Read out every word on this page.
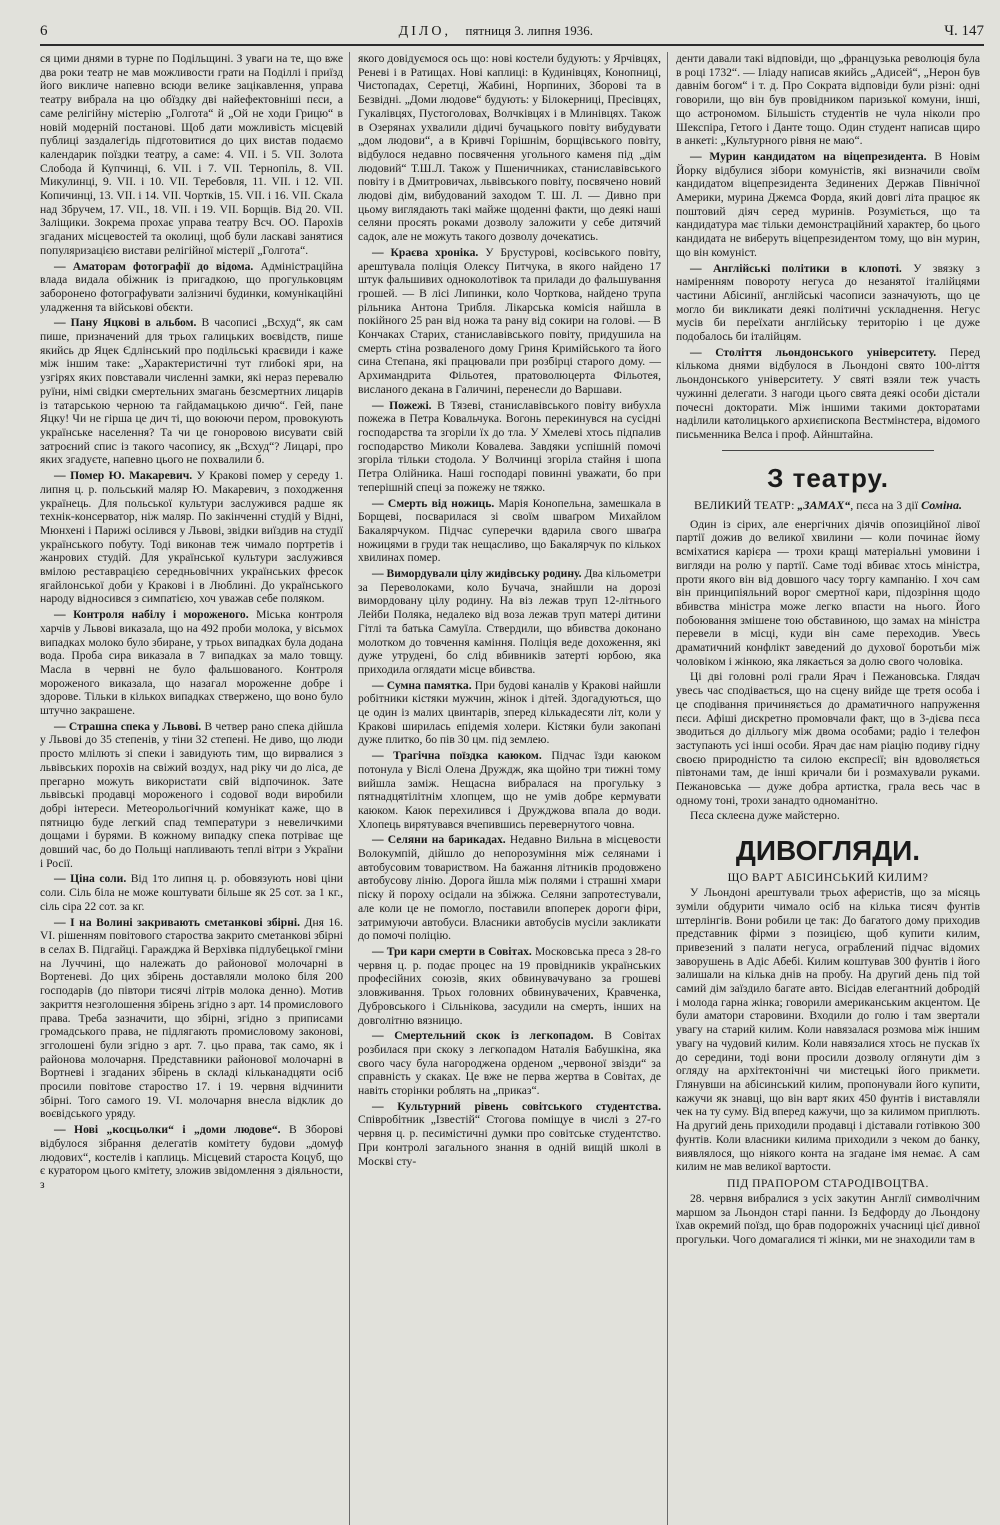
6	ДІЛО, пятниця 3. липня 1936.	Ч. 147

ся цими днями в турне по Подільщині. З уваги на те, що вже два роки театр не мав можливости грати на Поділлі і приїзд його викличе напевно всюди велике зацікавлення, управа театру вибрала на цю обїздку дві найефектовніші пєси, а саме релігійну містерію „Голгота“ й „Ой не ходи Грицю“ в новій модерній постанові. Щоб дати можливість місцевій публиці заздалегідь підготовитися до цих вистав подаємо календарик поїздки театру, а саме: 4. VII. і 5. VII. Золота Слобода й Купчинці, 6. VII. і 7. VII. Тернопіль, 8. VII. Микулинці, 9. VII. і 10. VII. Теребовля, 11. VII. і 12. VII. Копичинці, 13. VII. і 14. VII. Чортків, 15. VII. і 16. VII. Скала над Збручем, 17. VII., 18. VII. і 19. VII. Борщів. Від 20. VII. Заліщики. Зокрема прохає управа театру Всч. ОО. Парохів згаданих місцевостей та околиці, щоб були ласкаві занятися популяризацією вистави релігійної містерії „Голгота“.

— Аматорам фотографії до відома. Адміністраційна влада видала обіжник із пригадкою, що прогульковцям заборонено фотографувати залізничі будинки, комунікаційні уладження та військові обєкти.

— Пану Яцкові в альбом. В часописі „Всхуд“, як сам пише, призначений для трьох галицьких воєвідств, пише якийсь др Яцек Єдлінський про подільські краєвиди і каже між іншим таке: „Характеристичні тут глибокі яри, на узгірях яких повставали численні замки, які нераз перевалю руїни, німі свідки смертельних змагань безсмертних лицарів із татарською черною та гайдамацькою дичю“. Гей, пане Яцку! Чи не гірша це дич ті, що воюючи пером, провокують українське населення? Та чи це гоноровою висувати свій затроєний спис із такого часопису, як „Всхуд“? Лицарі, про яких згадуєте, напевно цього не похвалили б.

— Помер Ю. Макаревич. У Кракові помер у середу 1. липня ц. р. польський маляр Ю. Макаревич, з походження українець. Для польської культури заслужився радше як технік-консерватор, ніж маляр. По закінченні студій у Відні, Мюнхені і Парижі осілився у Львові, звідки виїздив на студії українського побуту. Тоді виконав теж чимало портретів і жанрових студій. Для української культури заслужився вмілою реставрацією середньовічних українських фресок ягайлонської доби у Кракові і в Люблині. До українського народу відносився з симпатією, хоч уважав себе поляком.

— Контроля набілу і мороженого. Міська контроля харчів у Львові виказала, що на 492 проби молока, у вісьмох випадках молоко було збиране, у трьох випадках була додана вода. Проба сира виказала в 7 випадках за мало товщу. Масла в червні не було фальшованого. Контроля мороженого виказала, що назагал мороженне добре і здорове. Тільки в кількох випадках ствержено, що воно було штучно закрашене.

— Страшна спека у Львові. В четвер рано спека дійшла у Львові до 35 степенів, у тіни 32 степені. Не диво, що люди просто млілють зі спеки і завидують тим, що вирвалися з львівських порохів на свіжий воздух, над ріку чи до ліса, де прегарно можуть використати свій відпочинок. Зате львівські продавці мороженого і содової води виробили добрі інтереси. Метеорольогічний комунікат каже, що в пятницю буде легкий спад температури з невеличкими дощами і бурями. В кожному випадку спека потріває ще довший час, бо до Польщі напливають теплі вітри з України і Росії.

— Ціна соли. Від 1то липня ц. р. обовязують нові ціни соли. Сіль біла не може коштувати більше як 25 сот. за 1 кг., сіль сіра 22 сот. за кг.

— І на Волині закривають сметанкові збірні. Дня 16. VI. рішенням повітового староства закрито сметанкові збірні в селах В. Підгайці. Гаражджа й Верхівка підлубецької гміни на Луччині, що належать до районової молочарні в Вортеневі. До цих збірень доставляли молоко біля 200 господарів (до півтори тисячі літрів молока денно). Мотив закриття незголошення збірень згідно з арт. 14 промислового права. Треба зазначити, що збірні, згідно з приписами громадського права, не підлягають промисловому законові, згголошені були згідно з арт. 7. цьо права, так само, як і районова молочарня. Представники районової молочарні в Вортневі і згаданих збірень в складі кільканадцяти осіб просили повітове староство 17. і 19. червня відчинити збірні. Того самого 19. VI. молочарня внесла відклик до воєвідського уряду.

— Нові „косцьолки“ і „доми людове“. В Зборові відбулося зібрання делегатів комітету будови „домуф людових“, костелів і каплиць. Місцевий староста Коцуб, що є куратором цього кмітету, зложив звідомлення з діяльности, з

якого довідуємося ось що: нові костели будують: у Ярчівцях, Реневі і в Ратищах. Нові каплиці: в Кудинівцях, Конопниці, Чистопадах, Серетці, Жабині, Норпиних, Зборові та в Безвідні. „Доми людове“ будують: у Білокерниці, Пресівцях, Гукалівцях, Пустоголовах, Волчківцях і в Млинівцях. Також в Озерянах ухвалили дідичі бучацького повіту вибудувати „дом людови“, а в Кривчі Горішнім, борщівського повіту, відбулося недавно посвячення угольного каменя під „дім людовий“ Т.Ш.Л. Також у Пшеничниках, станиславівського повіту і в Дмитровичах, львівського повіту, посвячено новий людові дім, вибудований заходом Т. Ш. Л. — Дивно при цьому виглядають такі майже щоденні факти, що деякі наші селяни просять роками дозволу заложити у себе дитячий садок, але не можуть такого дозволу дочекатись.

— Краєва хроніка. У Брустурові, косівського повіту, арештувала поліція Олексу Питчука, в якого найдено 17 штук фальшивих одноколотівок та прилади до фальшування грошей. — В лісі Липинки, коло Чорткова, найдено трупа рільника Антона Трибля. Лікарська комісія найшла в покійного 25 ран від ножа та рану від сокири на голові. — В Кончаках Старих, станиславівського повіту, придушила на смерть стіна розваленого дому Гриня Кримійського та його сина Степана, які працювали при розбірці старого дому. — Архимандрита Фільотея, пратоволюцерта Фільотея, висланого деканa в Галичині, перенесли до Варшави.

— Пожежі. В Тязеві, станиславівського повіту вибухла пожежа в Петра Ковальчука. Вогонь перекинувся на сусідні господарства та згоріли їх до тла. У Хмелеві хтось підпалив господарство Миколи Ковалева. Завдяки успішній помочі згоріла тільки стодола. У Волчинці згоріла стайня і шопа Петра Олійника. Наші господарі повинні уважати, бо при теперішній спеці за пожежу не тяжко.

— Смерть від ножиць. Марія Конопельна, замешкала в Борщеві, посварилася зі своїм шваґром Михайлом Бакалярчуком. Підчас суперечки вдарила свого шваґра ножицями в груди так нещасливо, що Бакалярчук по кількох хвилинах помер.

— Вимордували цілу жидівську родину. Два кільометри за Переволоками, коло Бучача, знайшли на дорозі вимордовану цілу родину. На віз лежав труп 12-літнього Лейби Поляка, недалеко від воза лежав труп матері дитини Гітлі та батька Самуїла. Ствердили, що вбивства доконано молотком до товчення каміння. Поліція веде дохоження, які дуже утрудені, бо слід вбивників затерті юрбою, яка приходила оглядати місце вбивства.

— Сумна памятка. При будові каналів у Кракові найшли робітники кістяки мужчин, жінок і дітей. Здогадуються, що це один із малих цвинтарів, зперед кількадесяти літ, коли у Кракові ширилась епідемія холери. Кістяки були закопані дуже плитко, бо пів 30 цм. під землею.

— Трагічна поїздка каюком. Підчас їзди каюком потонула у Віслі Олена Друждж, яка щойно три тижні тому вийшла заміж. Нещасна вибралася на прогульку з пятнадцятілітнім хлопцем, що не умів добре кермувати каюком. Каюк перехилився і Дружджова впала до води. Хлопець вирятувався вчепившись перевернутого човна.

— Селяни на барикадах. Недавно Вильна в місцевости Волокумпій, дійшло до непорозуміння між селянами і автобусовим товариством. На бажання літників продовжено автобусову лінію. Дорога йшла між полями і страшні хмари піску й пороху осідали на збіжжа. Селяни запротестували, але коли це не помогло, поставили впоперек дороги фіри, затримуючи автобуси. Власники автобусів мусіли закликати до помочі поліцію.

— Три кари смерти в Совітах. Московська преса з 28-го червня ц. р. подає процес на 19 провідників українських професійних союзів, яких обвинувачувано за грошеві зловживання. Трьох головних обвинувачених, Кравченка, Дубровського і Сільнікова, засудили на смерть, інших на довголітню вязницю.

— Смертельний скок із легкопадом. В Совітах розбилася при скоку з легкопадом Наталія Бабушкіна, яка свого часу була нагороджена орденом „червоної звізди“ за справність у скаках. Це вже не перва жертва в Совітах, де навіть сторінки роблять на „приказ“.

— Культурний рівень совітського студентства. Співробітник „Ізвестій“ Стогова поміщуе в числі з 27-го червня ц. р. песимістичні думки про совітське студентство. При контролі загального знання в одній вищій школі в Москві сту-

денти давали такі відповіди, що „французька революція була в році 1732“. — Іліаду написав якийсь „Адисей“, „Нерон був давнім богом“ і т. д. Про Сократа відповіди були різні: одні говорили, що він був провідником паризької комуни, інші, що астрономом. Більшість студентів не чула ніколи про Шекспіра, Гетого і Данте тощо. Один студент написав щиро в анкеті: „Культурного рівня не маю“.

— Мурин кандидатом на віцепрезидента. В Новім Йорку відбулися зібори комуністів, які визначили своїм кандидатом віцепрезидента Зединених Держав Північної Америки, мурина Джемса Форда, який довгі літа працює як поштовий діяч серед муринів. Розуміється, що та кандидатура має тільки демонстраційний характер, бо цього кандидата не виберуть віцепрезидентом тому, що він мурин, що він комуніст.

— Англійські політики в клопоті. У звязку з наміренням повороту негуса до незанятої італійцями частини Абісинії, англійські часописи зазначують, що це могло би викликати деякі політичні ускладнення. Негус мусів би переїхати англійську територію і це дуже подобалось би італійцям.

— Століття льондонського університету. Перед кількома днями відбулося в Льондоні свято 100-ліття льондонського університету. У святі взяли теж участь чужинні делегати. З нагоди цього свята деякі особи дістали почесні докторати. Між іншими такими докторатами наділили католицького архиєпископа Вестмінстера, відомого письменника Велса і проф. Айнштайна.

З театру.
ВЕЛИКИЙ ТЕАТР: „ЗАМАХ“, пєса на 3 дії Соміна.

Один із сірих, але енергічних діячів опозиційної лівої партії дожив до великої хвилини — коли починає йому всміхатися карієра — трохи кращі матеріальні умовини і вигляди на ролю у партії. Саме тоді вбиває хтось міністра, проти якого він від довшого часу торгу кампанію. І хоч сам він принципіяльний ворог смертної кари, підозріння щодо вбивства міністра може легко впасти на нього. Його побоювання змішене тою обставиною, що замах на міністра перевели в місці, куди він саме переходив. Увесь драматичний конфлікт заведений до духової боротьби між чоловіком і жінкою, яка лякається за долю свого чоловіка.

Ці дві головні ролі грали Ярач і Пежановська. Глядач увесь час сподівається, що на сцену вийде ще третя особа і це сподівання причиняється до драматичного напруження пєси. Афіші дискретно промовчали факт, що в 3-дієва пєса зводиться до ділльогу між двома особами; радіо і телефон заступають усі інші особи. Ярач дає нам ріацію подиву гідну своєю природністю та силою експресії; він вдоволяється півтонами там, де інші кричали би і розмахували руками. Пежановська — дуже добра артистка, грала весь час в одному тоні, трохи занадто одноманітно.

Пєса склеєна дуже майстерно.

ДИВОГЛЯДИ.
ЩО ВАРТ АБІСИНСЬКИЙ КИЛИМ?

У Льондоні арештували трьох аферистів, що за місяць зуміли обдурити чимало осіб на кілька тисяч фунтів штерлінгів. Вони робили це так: До багатого дому приходив представник фірми з позицією, щоб купити килим, привезений з палати негуса, ограблений підчас відомих заворушень в Адіс Абебі. Килим коштував 300 фунтів і його залишали на кілька днів на пробу. На другий день під той самий дім заїздило багате авто. Вісідав елегантний добродій і молода гарна жінка; говорили американським акцентом. Це були аматори старовини. Входили до голю і там звертали увагу на старий килим. Коли навязалася розмова між іншим увагу на чудовий килим. Коли навязалися хтось не пускав їх до середини, тоді вони просили дозволу оглянути дім з огляду на архітектонічні чи мистецькі його прикмети. Глянувши на абісинський килим, пропонували його купити, кажучи як знавці, що він варт яких 450 фунтів і виставляли чек на ту суму. Від вперед кажучи, що за килимом приплють. На другий день приходили продавці і діставали готівкою 300 фунтів. Коли власники килима приходили з чеком до банку, виявлялося, що ніякого конта на згадане імя немає. А сам килим не мав великої вартости.

ПІД ПРАПОРОМ СТАРОДІВОЦТВА.

28. червня вибралися з усіх закутин Англії символічним маршом за Льондон старі панни. Із Бедфорду до Льондону їхав окремий поїзд, що брав подорожніх учасниці цієї дивної прогульки. Чого домагалися ті жінки, ми не знаходили там в
